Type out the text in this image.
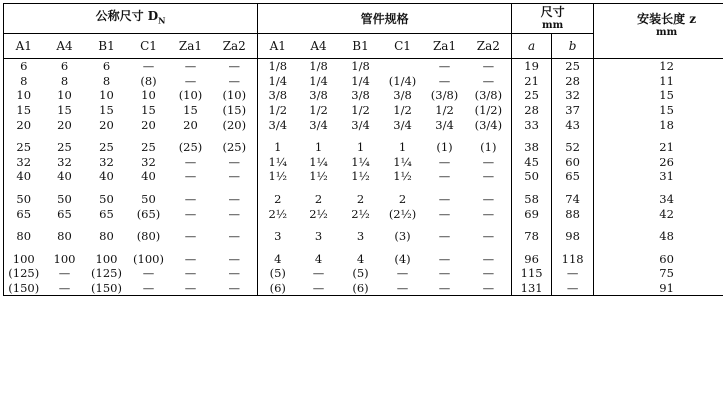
公称尺寸 $D_N$						管件规格						尺寸
mm		安装长度 z
mm

A1	A4	B1	C1	Za1	Za2	A1	A4	B1	C1	Za1	Za2	a	b	
6	6	6	—	—	—	1/8	1/8	1/8		—	—	19	25	12
8	8	8	(8)	—	—	1/4	1/4	1/4	(1/4)	—	—	21	28	11
10	10	10	10	(10)	(10)	3/8	3/8	3/8	3/8	(3/8)	(3/8)	25	32	15
15	15	15	15	15	(15)	1/2	1/2	1/2	1/2	1/2	(1/2)	28	37	15
20	20	20	20	20	(20)	3/4	3/4	3/4	3/4	3/4	(3/4)	33	43	18

25	25	25	25	(25)	(25)	1	1	1	1	(1)	(1)	38	52	21
32	32	32	32	—	—	1¼	1¼	1¼	1¼	—	—	45	60	26
40	40	40	40	—	—	1½	1½	1½	1½	—	—	50	65	31

50	50	50	50	—	—	2	2	2	2	—	—	58	74	34
65	65	65	(65)	—	—	2½	2½	2½	(2½)	—	—	69	88	42

80	80	80	(80)	—	—	3	3	3	(3)	—	—	78	98	48

100	100	100	(100)	—	—	4	4	4	(4)	—	—	96	118	60
(125)	—	(125)	—	—	—	(5)	—	(5)	—	—	—	115	—	75
(150)	—	(150)	—	—	—	(6)	—	(6)	—	—	—	131	—	91
